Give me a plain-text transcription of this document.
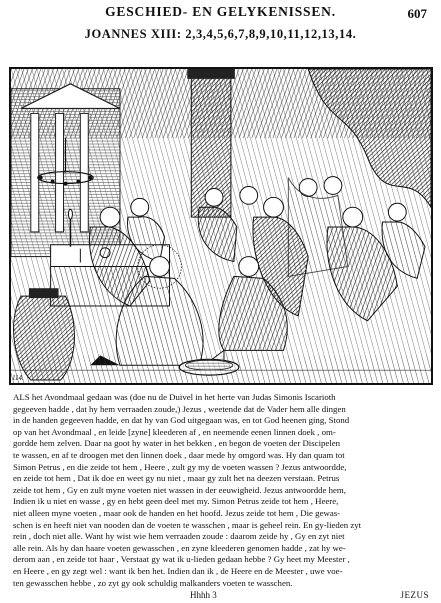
GESCHIED- EN GELYKENISSEN.	607
JOANNES XIII: 2,3,4,5,6,7,8,9,10,11,12,13,14.
114.
ALS het Avondmaal gedaan was (doe nu de Duivel in het herte van Judas Simonis Iscarioth
gegeeven hadde , dat hy hem verraaden zoude,) Jezus , weetende dat de Vader hem alle dingen
in de handen gegeeven hadde, en dat hy van God uitgegaan was, en tot God heenen ging, Stond
op van het Avondmaal , en leide [zyne] kleederen af , en neemende eenen linnen doek , om-
gordde hem zelven. Daar na goot hy water in het bekken , en begon de voeten der Discipelen
te wassen, en af te droogen met den linnen doek , daar mede hy omgord was. Hy dan quam tot
Simon Petrus , en die zeide tot hem , Heere , zult gy my de voeten wassen ? Jezus antwoordde,
en zeide tot hem , Dat ik doe en weet gy nu niet , maar gy zult het na deezen verstaan. Petrus
zeide tot hem , Gy en zult myne voeten niet wassen in der eeuwigheid. Jezus antwoordde hem,
Indien ik u niet en wasse , gy en hebt geen deel met my. Simon Petrus zeide tot hem , Heere,
niet alleen myne voeten , maar ook de handen en het hoofd. Jezus zeide tot hem , Die gewas-
schen is en heeft niet van nooden dan de voeten te wasschen , maar is geheel rein. En gy-lieden zyt
rein , doch niet alle. Want hy wist wie hem verraaden zoude : daarom zeide hy , Gy en zyt niet
alle rein. Als hy dan haare voeten gewasschen , en zyne kleederen genomen hadde , zat hy we-
derom aan , en zeide tot haar , Verstaat gy wat ik u-lieden gedaan hebbe ? Gy heet my Meester ,
en Heere , en gy zegt wel : want ik ben het. Indien dan ik , de Heere en de Meester , uwe voe-
ten gewasschen hebbe , zo zyt gy ook schuldig malkanders voeten te wasschen.
Hhhh 3	JEZUS
